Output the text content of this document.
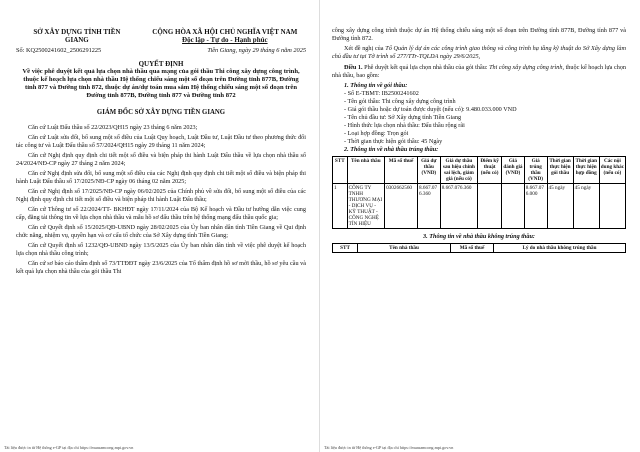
SỞ XÂY DỰNG TỈNH TIỀN
GIANG
CỘNG HÒA XÃ HỘI CHỦ NGHĨA VIỆT NAM
Độc lập - Tự do - Hạnh phúc
Số: KQ2500241602_2506291225	Tiền Giang, ngày 29 tháng 6 năm 2025
QUYẾT ĐỊNH
Về việc phê duyệt kết quả lựa chọn nhà thầu qua mạng của gói thầu Thi công xây dựng công trình, thuộc kế hoạch lựa chọn nhà thầu Hệ thống chiếu sáng một số đoạn trên Đường tỉnh 877B, Đường tỉnh 877 và Đường tỉnh 872, thuộc dự án/dự toán mua sắm Hệ thống chiếu sáng một số đoạn trên Đường tỉnh 877B, Đường tỉnh 877 và Đường tỉnh 872
GIÁM ĐỐC SỞ XÂY DỰNG TIỀN GIANG

Căn cứ Luật Đấu thầu số 22/2023/QH15 ngày 23 tháng 6 năm 2023;

Căn cứ Luật sửa đổi, bổ sung một số điều của Luật Quy hoạch, Luật Đầu tư, Luật Đầu tư theo phương thức đối tác công tư và Luật Đấu thầu số 57/2024/QH15 ngày 29 tháng 11 năm 2024;

Căn cứ Nghị định quy định chi tiết một số điều và biện pháp thi hành Luật Đấu thầu về lựa chọn nhà thầu số 24/2024/NĐ-CP ngày 27 tháng 2 năm 2024;

Căn cứ Nghị định sửa đổi, bổ sung một số điều của các Nghị định quy định chi tiết một số điều và biện pháp thi hành Luật Đấu thầu số 17/2025/NĐ-CP ngày 06 tháng 02 năm 2025;

Căn cứ Nghị định số 17/2025/NĐ-CP ngày 06/02/2025 của Chính phủ về sửa đổi, bổ sung một số điều của các Nghị định quy định chi tiết một số điều và biện pháp thi hành Luật Đấu thầu;

Căn cứ Thông tư số 22/2024/TT- BKHĐT ngày 17/11/2024 của Bộ Kế hoạch và Đầu tư hướng dẫn việc cung cấp, đăng tải thông tin về lựa chọn nhà thầu và mẫu hồ sơ đấu thầu trên hệ thống mạng đấu thầu quốc gia;

Căn cứ Quyết định số 15/2025/QĐ-UBND ngày 28/02/2025 của Ủy ban nhân dân tỉnh Tiền Giang về Qui định chức năng, nhiệm vụ, quyền hạn và cơ cấu tổ chức của Sở Xây dựng tỉnh Tiền Giang;

Căn cứ Quyết định số 1232/QĐ-UBND ngày 13/5/2025 của Ủy ban nhân dân tỉnh về việc phê duyệt kế hoạch lựa chọn nhà thầu công trình;

Căn cứ sơ báo cáo thẩm định số 73/TTĐĐT ngày 23/6/2025 của Tổ thẩm định hồ sơ mời thầu, hồ sơ yêu cầu và kết quả lựa chọn nhà thầu của gói thầu Thi

công xây dựng công trình thuộc dự án Hệ thống chiếu sáng một số đoạn trên Đường tỉnh 877B, Đường tỉnh 877 và Đường tỉnh 872.

Xét đề nghị của Tổ Quản lý dự án các công trình giao thông và công trình hạ tầng kỹ thuật do Sở Xây dựng làm chủ đầu tư tại Tờ trình số 277/TTr-TQLDA ngày 29/6/2025,

Điều 1. Phê duyệt kết quả lựa chọn nhà thầu của gói thầu: Thi công xây dựng công trình, thuộc kế hoạch lựa chọn nhà thầu, bao gồm:

1. Thông tin về gói thầu:
- Số E-TBMT: IB2500241602
- Tên gói thầu: Thi công xây dựng công trình
- Giá gói thầu hoặc dự toán được duyệt (nếu có): 9.480.033.000 VND
- Tên chủ đầu tư: Sở Xây dựng tỉnh Tiền Giang
- Hình thức lựa chọn nhà thầu: Đấu thầu rộng rãi
- Loại hợp đồng: Trọn gói
- Thời gian thực hiện gói thầu: 45 Ngày
2. Thông tin về nhà thầu trúng thầu:
STT	Tên nhà thầu	Mã số thuế	Giá dự thầu (VND)	Giá dự thầu sau hiệu chỉnh sai lệch, giảm giá (nếu có)	Điểm kỹ thuật (nếu có)	Giá đánh giá (VND)	Giá trúng thầu (VND)	Thời gian thực hiện gói thầu	Thời gian thực hiện hợp đồng	Các nội dung khác (nếu có)
1	CÔNG TY TNHH THƯƠNG MẠI - DỊCH VỤ - KỸ THUẬT - CÔNG NGHỆ TÍN HIỆU	0302662560	8.667.076.360	8.667.076.360			8.667.076.000	45 ngày	45 ngày	
3. Thông tin về nhà thầu không trúng thầu:
STT	Tên nhà thầu	Mã số thuế	Lý do nhà thầu không trúng thầu
Tài liệu được in từ Hệ thống e-GP tại địa chỉ https://muasamcong.mpi.gov.vn	Tài liệu được in từ Hệ thống e-GP tại địa chỉ https://muasamcong.mpi.gov.vn
